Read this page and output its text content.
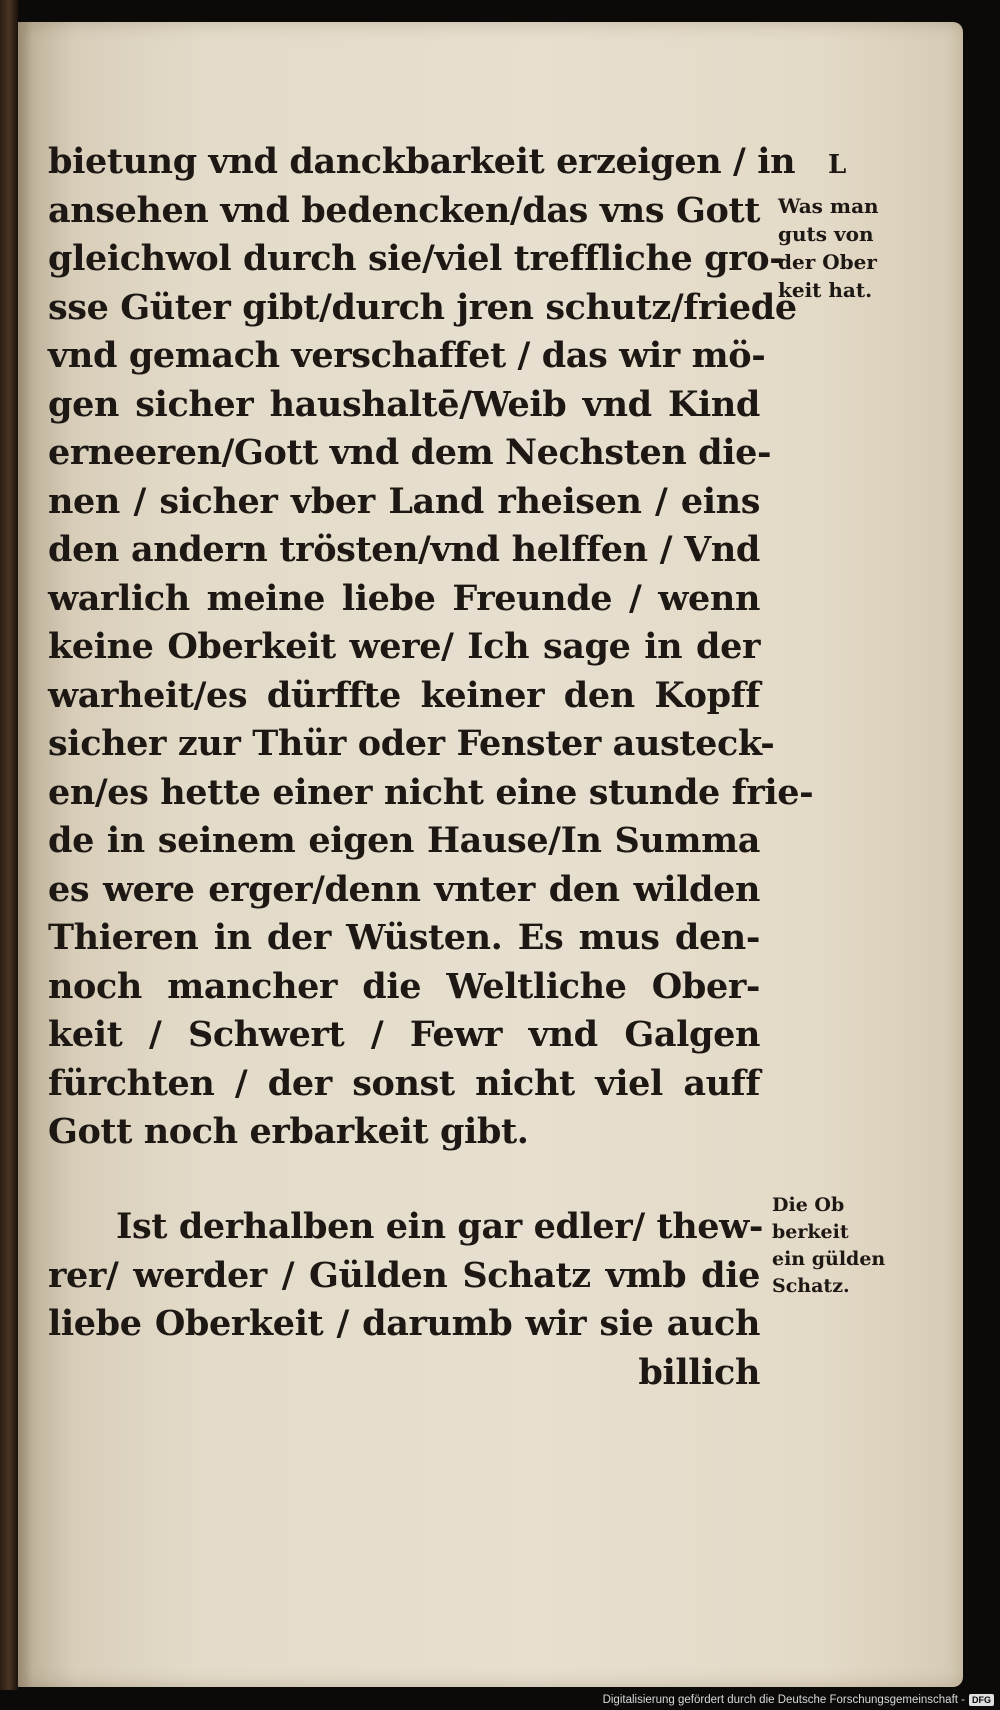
L
Was man
guts von
der Ober
keit hat.
bietung vnd danckbarkeit erzeigen / in
ansehen vnd bedencken/das vns Gott
gleichwol durch sie/viel treffliche gro-
sse Güter gibt/durch jren schutz/friede
vnd gemach verschaffet / das wir mö-
gen sicher haushaltē/Weib vnd Kind
erneeren/Gott vnd dem Nechsten die-
nen / sicher vber Land rheisen / eins
den andern trösten/vnd helffen / Vnd
warlich meine liebe Freunde / wenn
keine Oberkeit were/ Ich sage in der
warheit/es dürffte keiner den Kopff
sicher zur Thür oder Fenster austeck-
en/es hette einer nicht eine stunde frie-
de in seinem eigen Hause/In Summa
es were erger/denn vnter den wilden
Thieren in der Wüsten. Es mus den-
noch mancher die Weltliche Ober-
keit / Schwert / Fewr vnd Galgen
fürchten / der sonst nicht viel auff
Gott noch erbarkeit gibt.
Die Ob
berkeit
ein gülden
Schatz.
Ist derhalben ein gar edler/ thew-
rer/ werder / Gülden Schatz vmb die
liebe Oberkeit / darumb wir sie auch
billich
Digitalisierung gefördert durch die Deutsche Forschungsgemeinschaft - DFG
